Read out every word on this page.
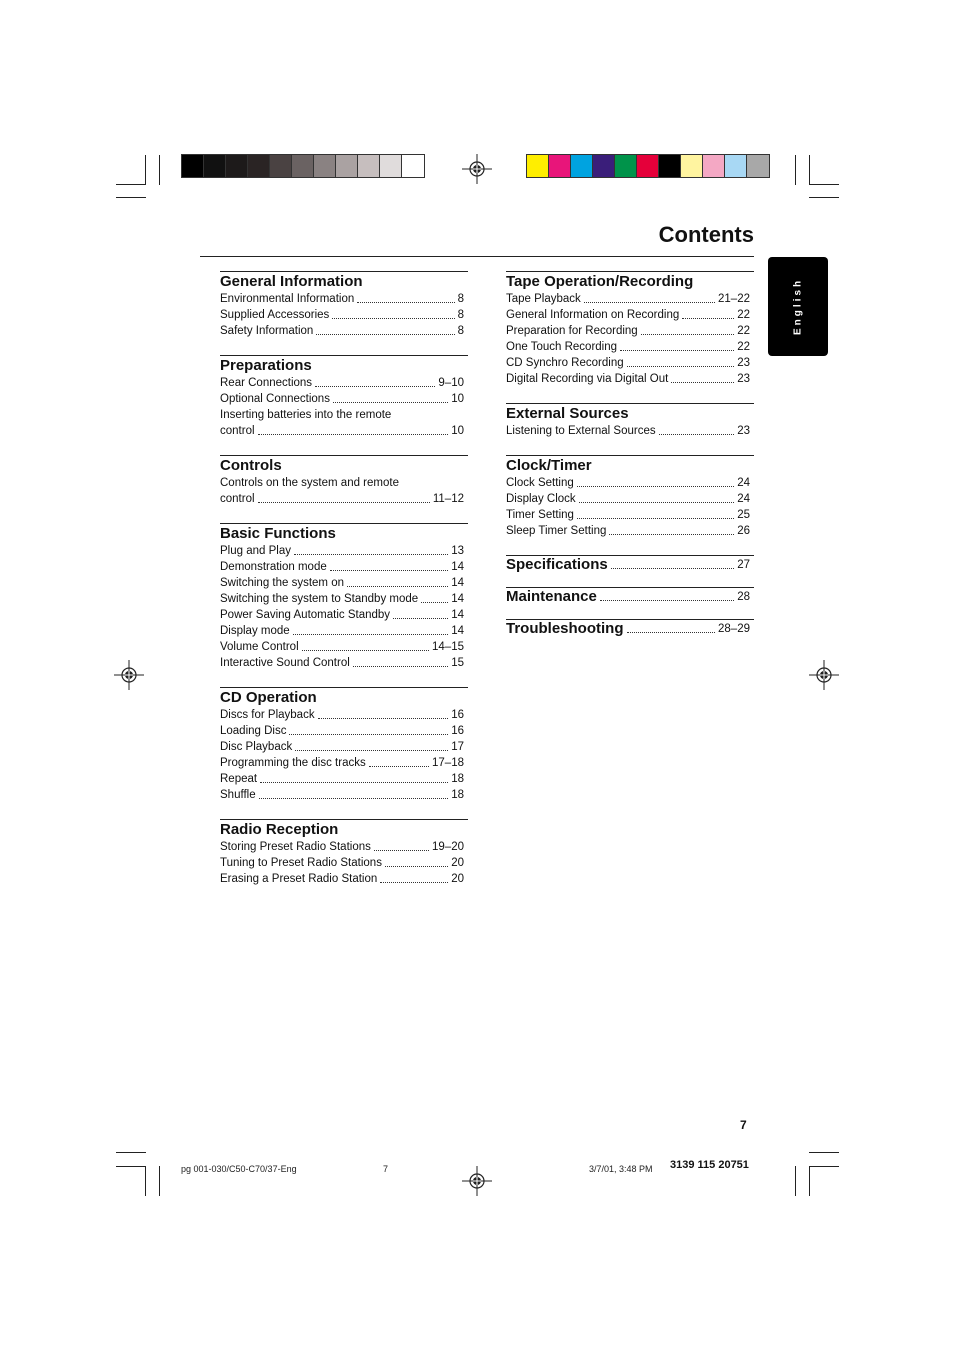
Contents
English
General Information
Environmental Information	8
Supplied Accessories	8
Safety Information	8
Preparations
Rear Connections	9–10
Optional Connections	10
Inserting batteries into the remote
control	10
Controls
Controls on the system and remote
control	11–12
Basic Functions
Plug and Play	13
Demonstration mode	14
Switching the system on	14
Switching the system to Standby mode	14
Power Saving Automatic Standby	14
Display mode	14
Volume Control	14–15
Interactive Sound Control	15
CD Operation
Discs for Playback	16
Loading Disc	16
Disc Playback	17
Programming the disc tracks	17–18
Repeat	18
Shuffle	18
Radio Reception
Storing Preset Radio Stations	19–20
Tuning to Preset Radio Stations	20
Erasing a Preset Radio Station	20
Tape Operation/Recording
Tape Playback	21–22
General Information on Recording	22
Preparation for Recording	22
One Touch Recording	22
CD Synchro Recording	23
Digital Recording via Digital Out	23
External Sources
Listening to External Sources	23
Clock/Timer
Clock Setting	24
Display Clock	24
Timer Setting	25
Sleep Timer Setting	26
Specifications	27
Maintenance	28
Troubleshooting	28–29
7
3139 115 20751
pg 001-030/C50-C70/37-Eng	7	3/7/01, 3:48 PM
